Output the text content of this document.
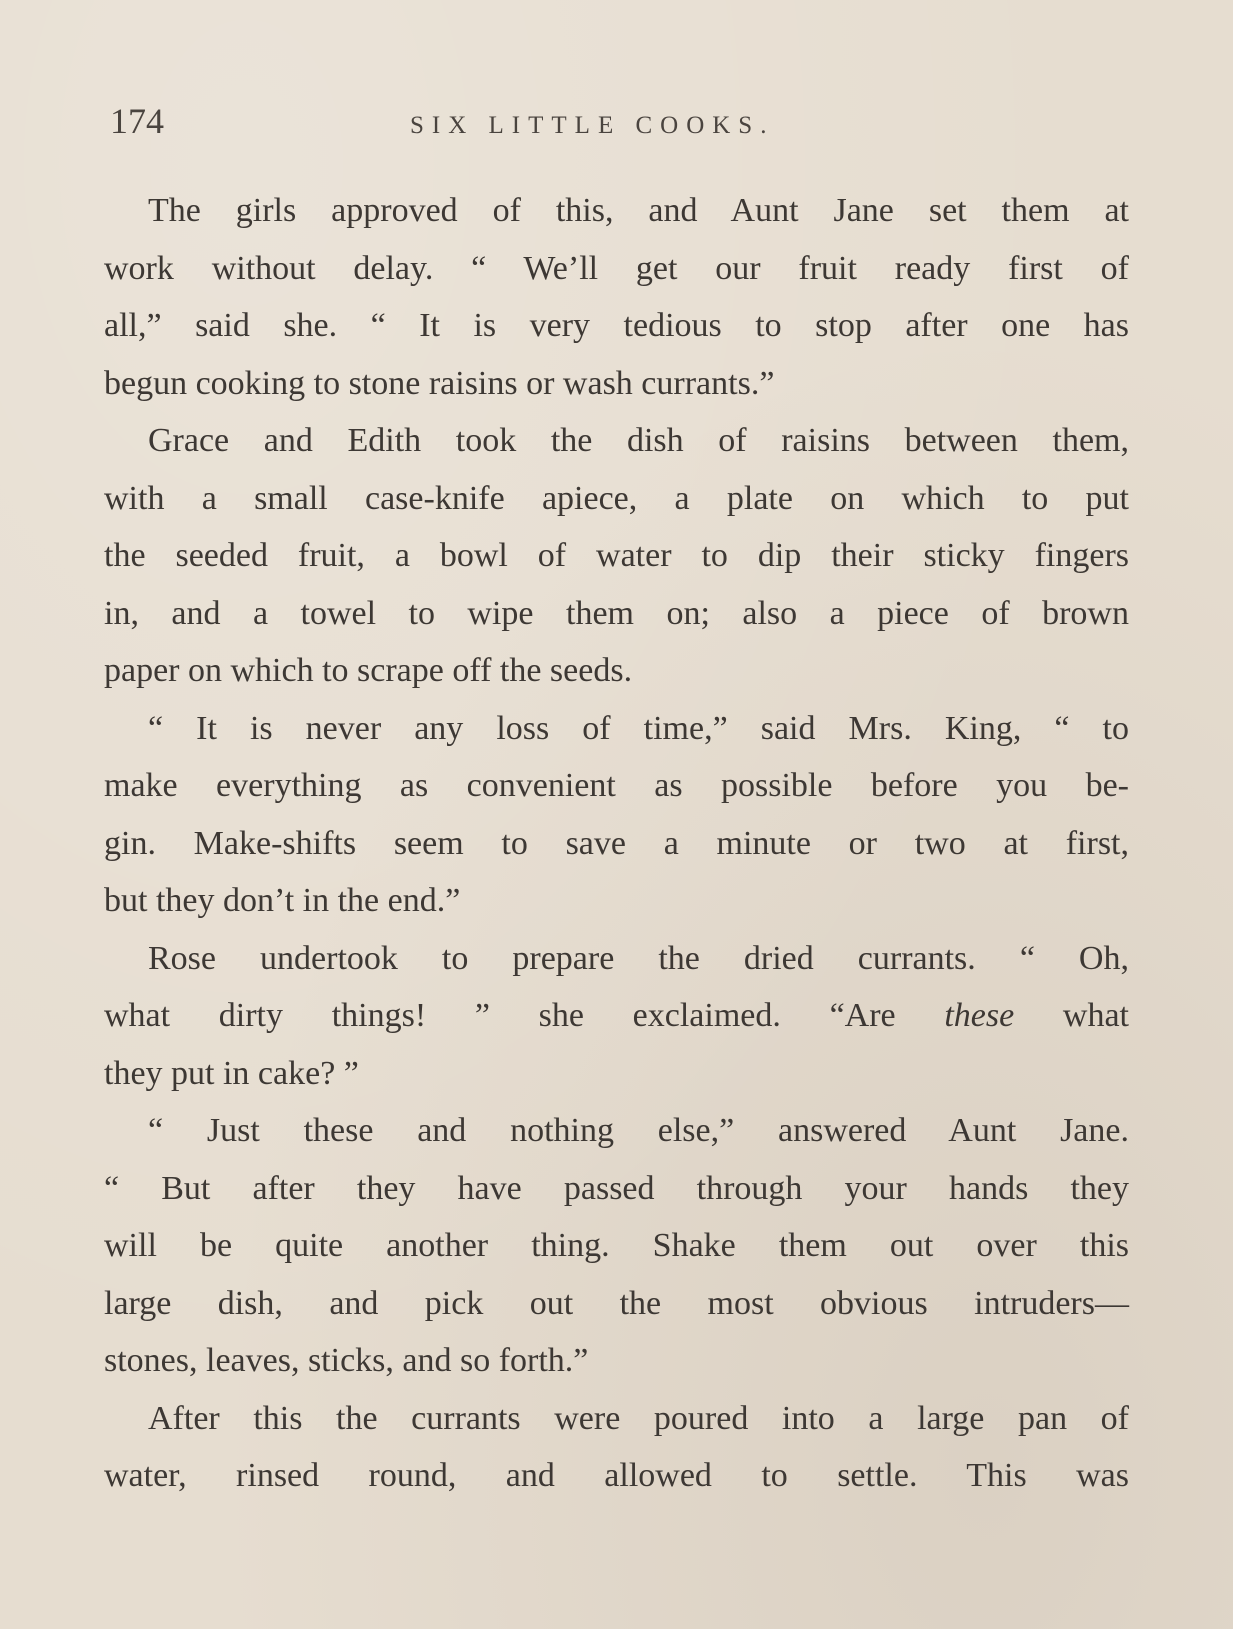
174	SIX LITTLE COOKS.
The girls approved of this, and Aunt Jane set them at
work without delay. “ We’ll get our fruit ready first of
all,” said she. “ It is very tedious to stop after one has
begun cooking to stone raisins or wash currants.”
Grace and Edith took the dish of raisins between them,
with a small case-knife apiece, a plate on which to put
the seeded fruit, a bowl of water to dip their sticky fingers
in, and a towel to wipe them on; also a piece of brown
paper on which to scrape off the seeds.
“ It is never any loss of time,” said Mrs. King, “ to
make everything as convenient as possible before you be-
gin. Make-shifts seem to save a minute or two at first,
but they don’t in the end.”
Rose undertook to prepare the dried currants. “ Oh,
what dirty things! ” she exclaimed. “Are these what
they put in cake? ”
“ Just these and nothing else,” answered Aunt Jane.
“ But after they have passed through your hands they
will be quite another thing. Shake them out over this
large dish, and pick out the most obvious intruders—
stones, leaves, sticks, and so forth.”
After this the currants were poured into a large pan of
water, rinsed round, and allowed to settle. This was
